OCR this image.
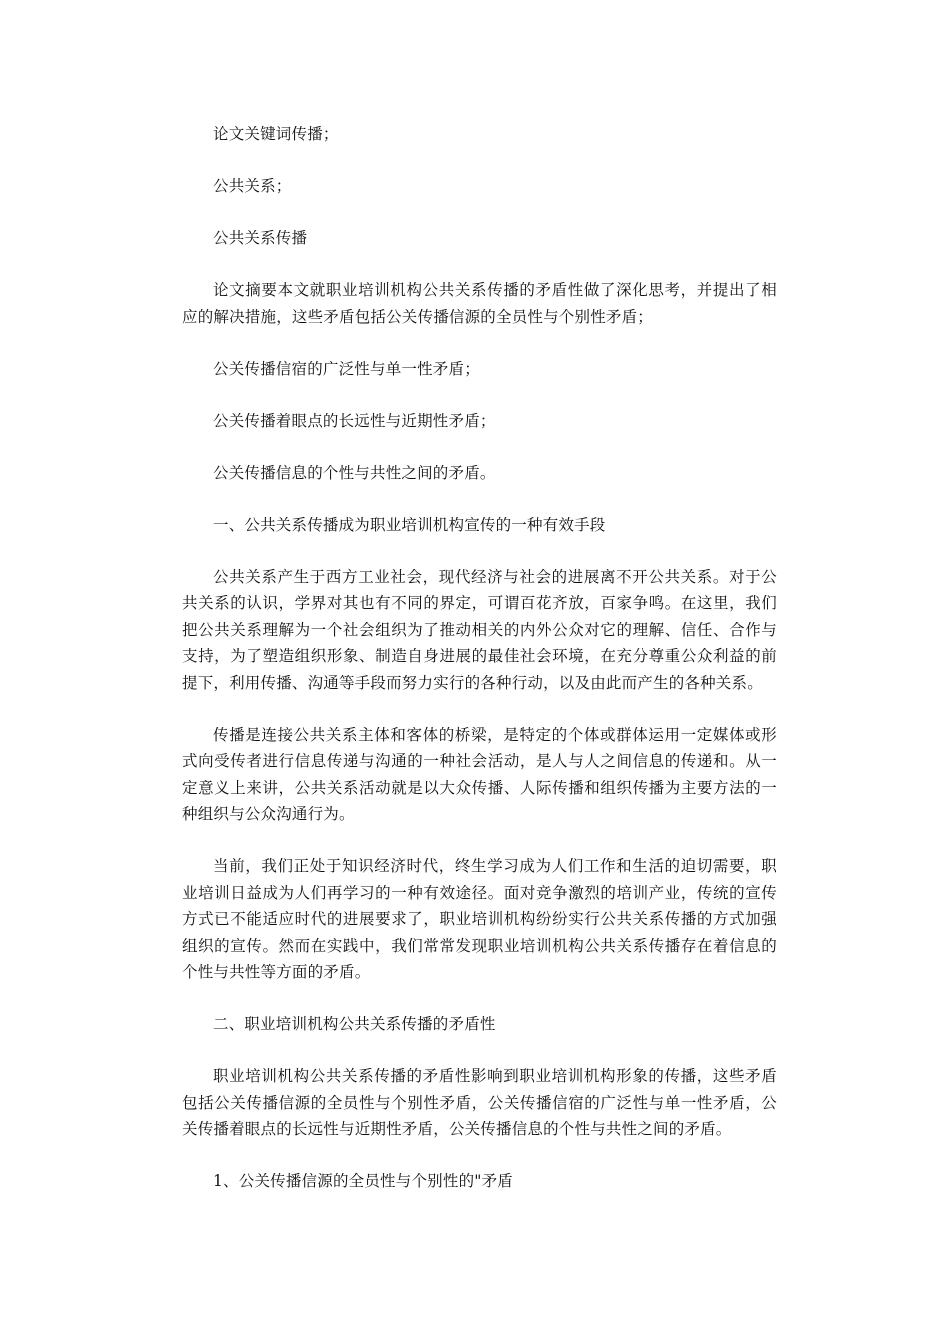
论文关键词传播；

公共关系；

公共关系传播

论文摘要本文就职业培训机构公共关系传播的矛盾性做了深化思考，并提出了相应的解决措施，这些矛盾包括公关传播信源的全员性与个别性矛盾；

公关传播信宿的广泛性与单一性矛盾；

公关传播着眼点的长远性与近期性矛盾；

公关传播信息的个性与共性之间的矛盾。

一、公共关系传播成为职业培训机构宣传的一种有效手段

公共关系产生于西方工业社会，现代经济与社会的进展离不开公共关系。对于公共关系的认识，学界对其也有不同的界定，可谓百花齐放，百家争鸣。在这里，我们把公共关系理解为一个社会组织为了推动相关的内外公众对它的理解、信任、合作与支持，为了塑造组织形象、制造自身进展的最佳社会环境，在充分尊重公众利益的前提下，利用传播、沟通等手段而努力实行的各种行动，以及由此而产生的各种关系。

传播是连接公共关系主体和客体的桥梁，是特定的个体或群体运用一定媒体或形式向受传者进行信息传递与沟通的一种社会活动，是人与人之间信息的传递和。从一定意义上来讲，公共关系活动就是以大众传播、人际传播和组织传播为主要方法的一种组织与公众沟通行为。

当前，我们正处于知识经济时代，终生学习成为人们工作和生活的迫切需要，职业培训日益成为人们再学习的一种有效途径。面对竞争激烈的培训产业，传统的宣传方式已不能适应时代的进展要求了，职业培训机构纷纷实行公共关系传播的方式加强组织的宣传。然而在实践中，我们常常发现职业培训机构公共关系传播存在着信息的个性与共性等方面的矛盾。

二、职业培训机构公共关系传播的矛盾性

职业培训机构公共关系传播的矛盾性影响到职业培训机构形象的传播，这些矛盾包括公关传播信源的全员性与个别性矛盾，公关传播信宿的广泛性与单一性矛盾，公关传播着眼点的长远性与近期性矛盾，公关传播信息的个性与共性之间的矛盾。

1、公关传播信源的全员性与个别性的"矛盾
